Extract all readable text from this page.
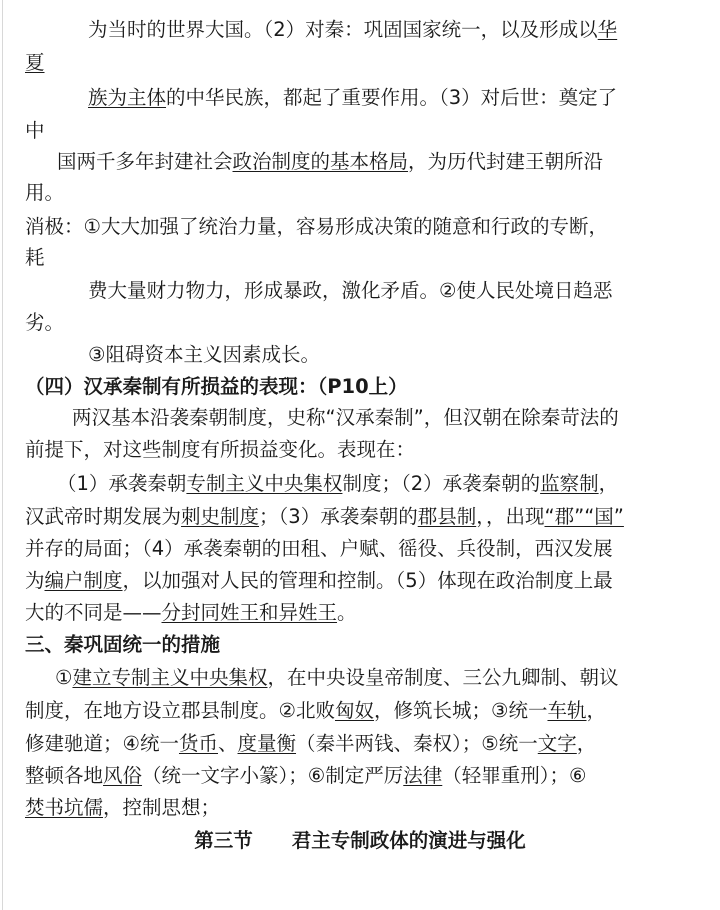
为当时的世界大国。（2）对秦：巩固国家统一，以及形成以华
夏
族为主体的中华民族，都起了重要作用。（3）对后世：奠定了
中
国两千多年封建社会政治制度的基本格局，为历代封建王朝所沿
用。
消极：①大大加强了统治力量，容易形成决策的随意和行政的专断，
耗
费大量财力物力，形成暴政，激化矛盾。②使人民处境日趋恶
劣。
③阻碍资本主义因素成长。
（四）汉承秦制有所损益的表现：（P10上）
两汉基本沿袭秦朝制度，史称“汉承秦制”，但汉朝在除秦苛法的
前提下，对这些制度有所损益变化。表现在：
（1）承袭秦朝专制主义中央集权制度；（2）承袭秦朝的监察制，
汉武帝时期发展为刺史制度；（3）承袭秦朝的郡县制，，出现“郡”“国”
并存的局面；（4）承袭秦朝的田租、户赋、徭役、兵役制，西汉发展
为编户制度，以加强对人民的管理和控制。（5）体现在政治制度上最
大的不同是——分封同姓王和异姓王。
三、秦巩固统一的措施
①建立专制主义中央集权，在中央设皇帝制度、三公九卿制、朝议
制度，在地方设立郡县制度。②北败匈奴，修筑长城；③统一车轨，
修建驰道；④统一货币、度量衡（秦半两钱、秦权）；⑤统一文字，
整顿各地风俗（统一文字小篆）；⑥制定严厉法律（轻罪重刑）；⑥
焚书坑儒，控制思想；
第三节　　君主专制政体的演进与强化
